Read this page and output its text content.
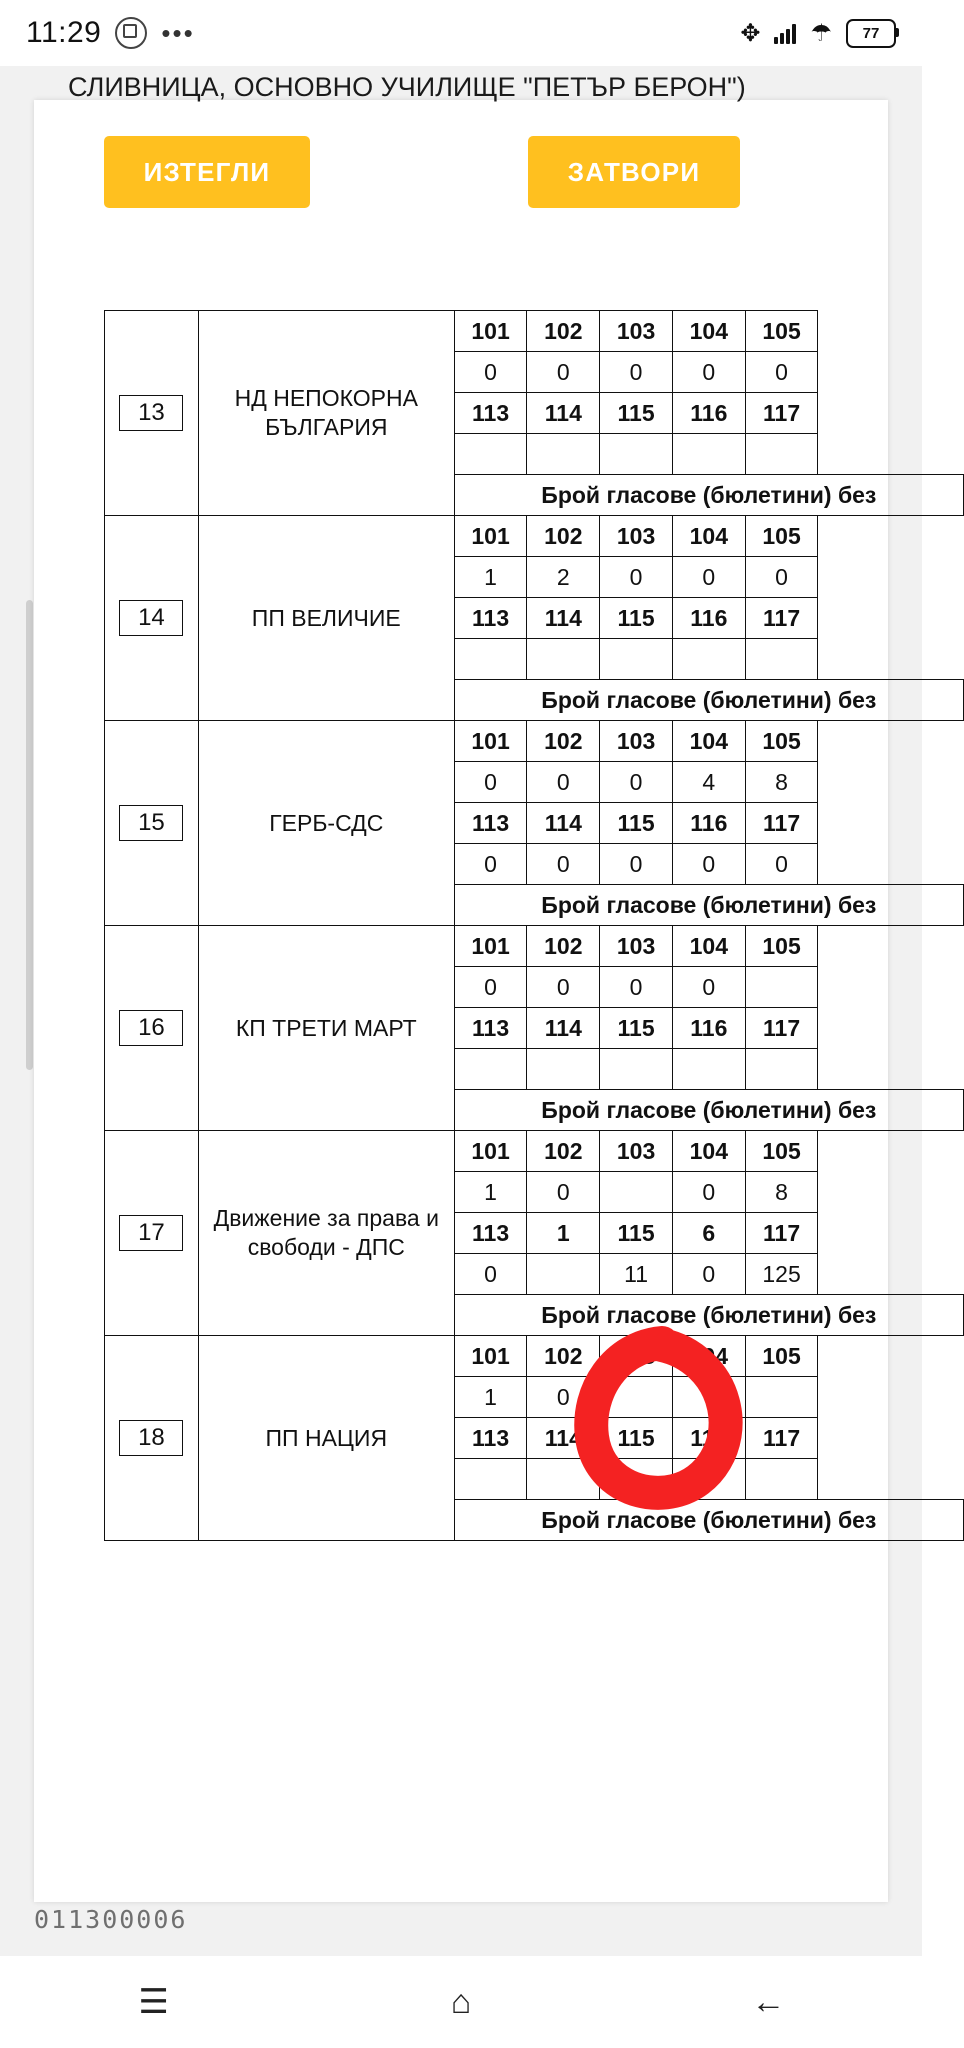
11:29 •••	✥ ☂ 77
СЛИВНИЦА, ОСНОВНО УЧИЛИЩЕ "ПЕТЪР БЕРОН")
ИЗТЕГЛИ	ЗАТВОРИ

13	НД НЕПОКОРНА БЪЛГАРИЯ	101	102	103	104	105		
		0	0	0	0	0		
		113	114	115	116	117		

		Брой гласове (бюлетини) без						
14	ПП ВЕЛИЧИЕ	101	102	103	104	105		
		1	2	0	0	0		
		113	114	115	116	117		

		Брой гласове (бюлетини) без						
15	ГЕРБ-СДС	101	102	103	104	105		
		0	0	0	4	8		
		113	114	115	116	117		
		0	0	0	0	0		
		Брой гласове (бюлетини) без						
16	КП ТРЕТИ МАРТ	101	102	103	104	105		
		0	0	0	0			
		113	114	115	116	117		

		Брой гласове (бюлетини) без						
17	Движение за права и свободи - ДПС	101	102	103	104	105		
		1	0		0	8		
		113	1	115	6	117		
		0		11	0	125		
		Брой гласове (бюлетини) без						
18	ПП НАЦИЯ	101	102	103	104	105		
		1	0					
		113	114	115	116	117		

		Брой гласове (бюлетини) без						
011300006
☰	⌂	←
